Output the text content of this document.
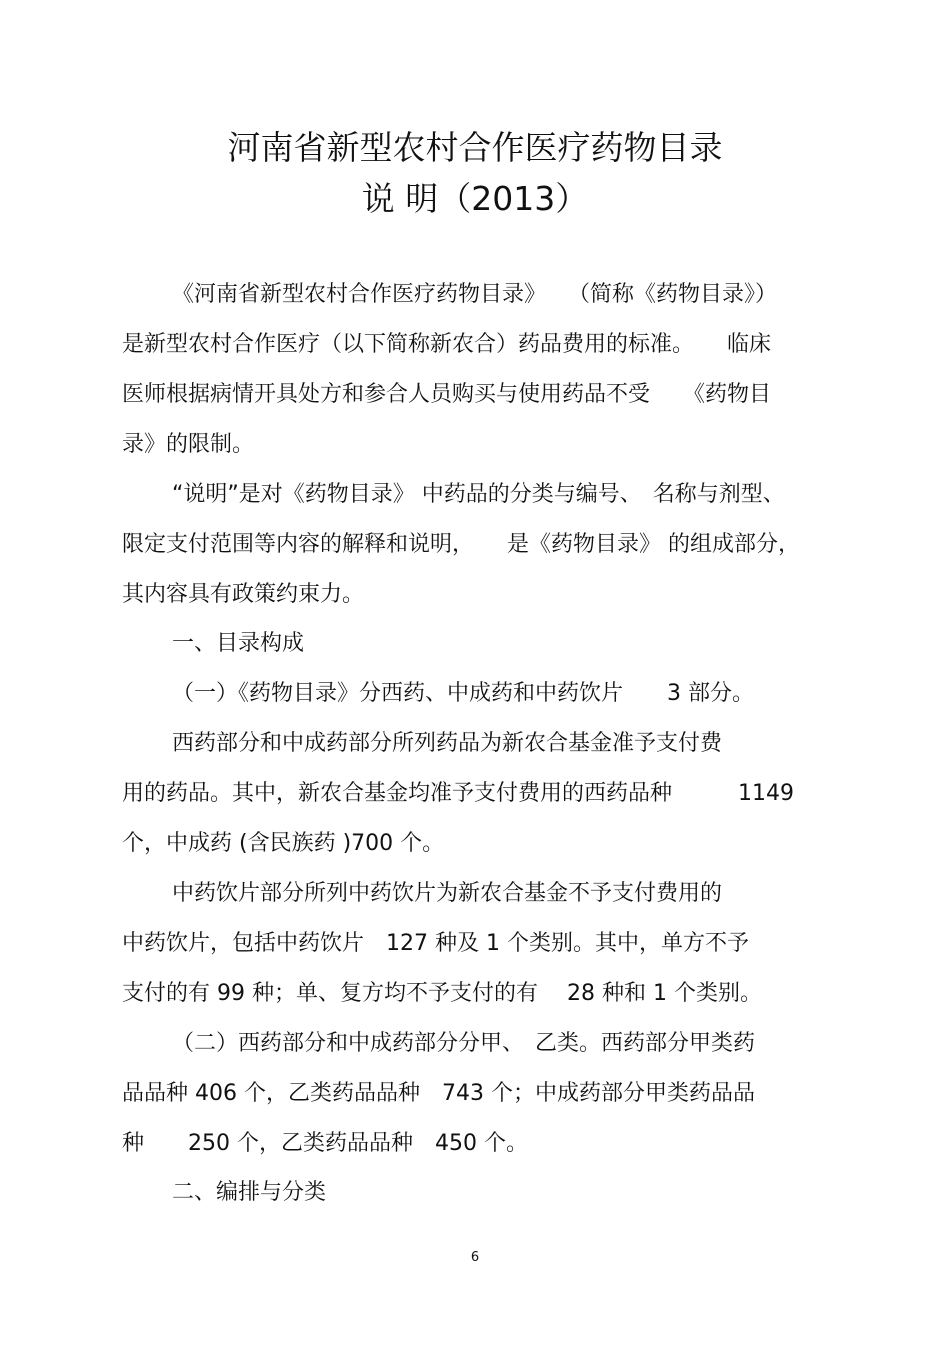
河南省新型农村合作医疗药物目录
说 明（2013）
《河南省新型农村合作医疗药物目录》　　（简称《药物目录》）
是新型农村合作医疗（以下简称新农合）药品费用的标准。　　临床
医师根据病情开具处方和参合人员购买与使用药品不受　　《药物目
录》的限制。
“说明”是对《药物目录》 中药品的分类与编号、　名称与剂型、
限定支付范围等内容的解释和说明，　　是《药物目录》 的组成部分，
其内容具有政策约束力。
一、目录构成
（一）《药物目录》分西药、中成药和中药饮片　　3 部分。
西药部分和中成药部分所列药品为新农合基金准予支付费
用的药品。其中，新农合基金均准予支付费用的西药品种　　　1149
个，中成药 (含民族药 )700 个。
中药饮片部分所列中药饮片为新农合基金不予支付费用的
中药饮片，包括中药饮片　127 种及 1 个类别。其中，单方不予
支付的有 99 种；单、复方均不予支付的有　 28 种和 1 个类别。
（二）西药部分和中成药部分分甲、　乙类。西药部分甲类药
品品种 406 个，乙类药品品种　743 个；中成药部分甲类药品品
种　　250 个，乙类药品品种　450 个。
二、编排与分类
6
